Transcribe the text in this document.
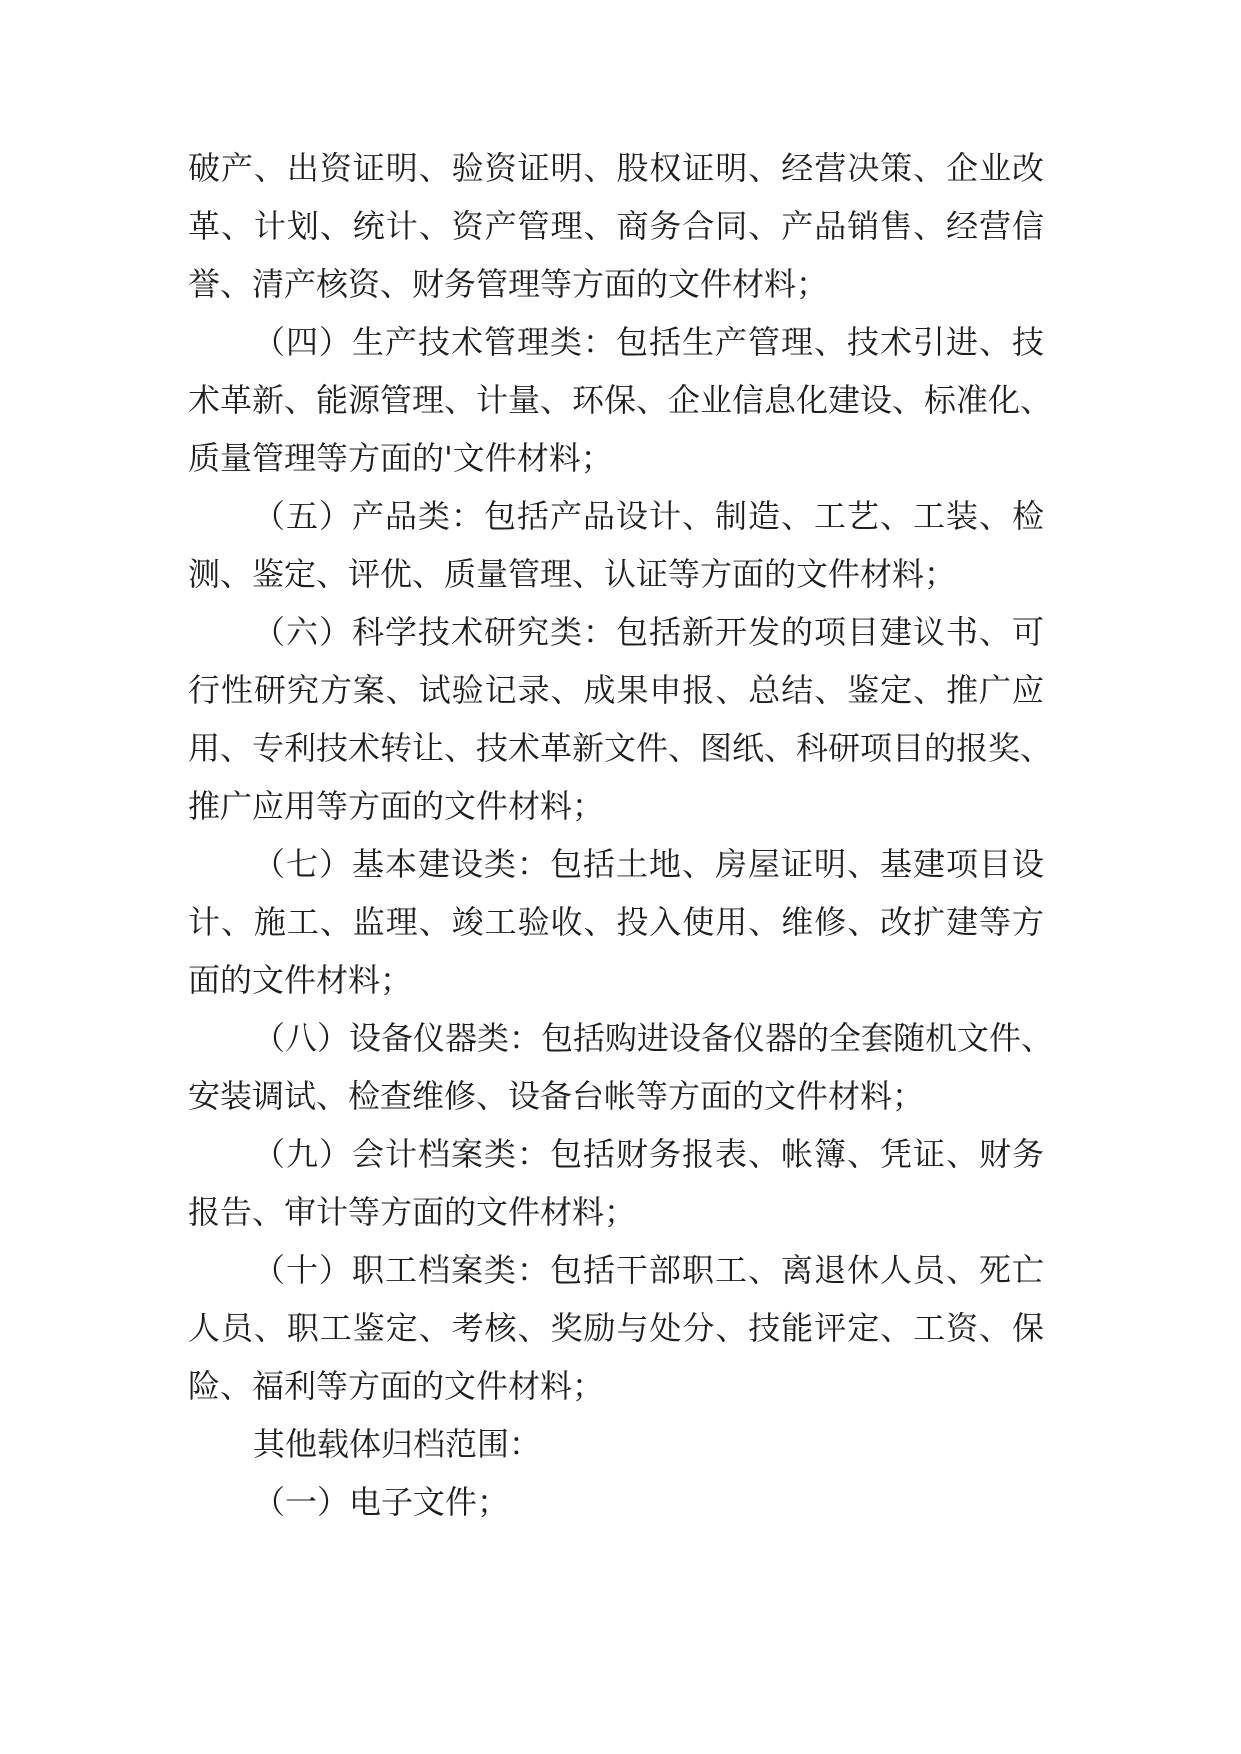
破产、出资证明、验资证明、股权证明、经营决策、企业改
革、计划、统计、资产管理、商务合同、产品销售、经营信
誉、清产核资、财务管理等方面的文件材料；
（四）生产技术管理类：包括生产管理、技术引进、技
术革新、能源管理、计量、环保、企业信息化建设、标准化、
质量管理等方面的'文件材料；
（五）产品类：包括产品设计、制造、工艺、工装、检
测、鉴定、评优、质量管理、认证等方面的文件材料；
（六）科学技术研究类：包括新开发的项目建议书、可
行性研究方案、试验记录、成果申报、总结、鉴定、推广应
用、专利技术转让、技术革新文件、图纸、科研项目的报奖、
推广应用等方面的文件材料；
（七）基本建设类：包括土地、房屋证明、基建项目设
计、施工、监理、竣工验收、投入使用、维修、改扩建等方
面的文件材料；
（八）设备仪器类：包括购进设备仪器的全套随机文件、
安装调试、检查维修、设备台帐等方面的文件材料；
（九）会计档案类：包括财务报表、帐簿、凭证、财务
报告、审计等方面的文件材料；
（十）职工档案类：包括干部职工、离退休人员、死亡
人员、职工鉴定、考核、奖励与处分、技能评定、工资、保
险、福利等方面的文件材料；
其他载体归档范围：
（一）电子文件；
